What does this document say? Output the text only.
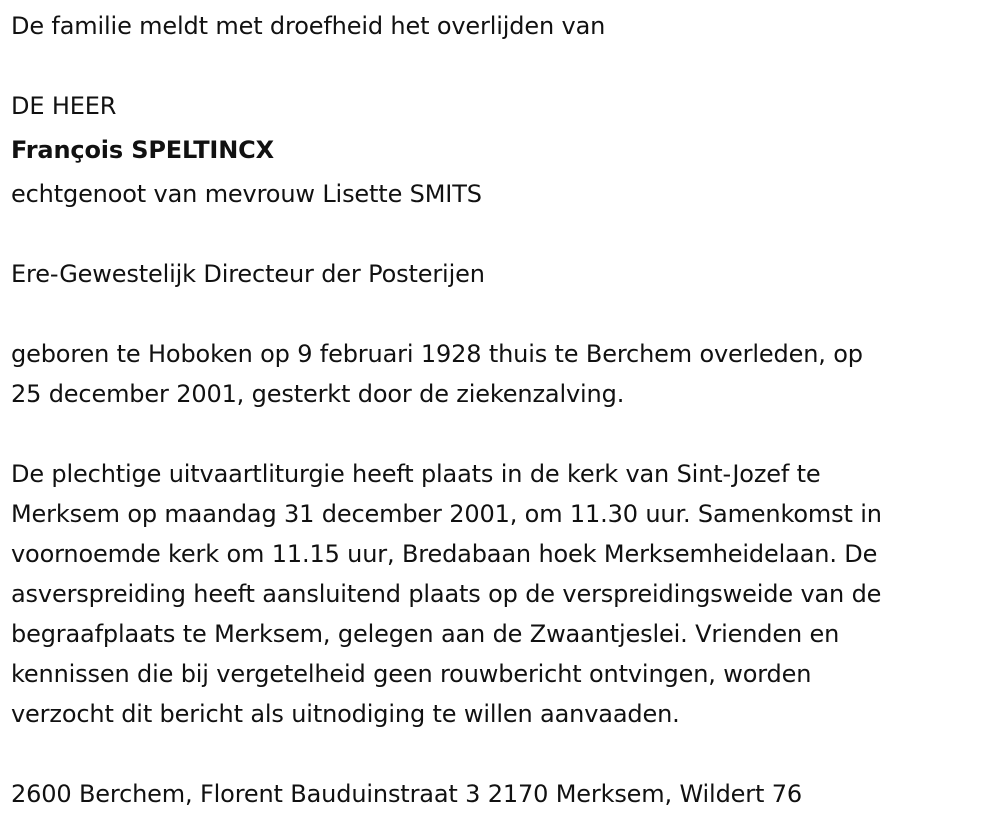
De familie meldt met droefheid het overlijden van
DE HEER
François SPELTINCX
echtgenoot van mevrouw Lisette SMITS
Ere-Gewestelijk Directeur der Posterijen
geboren te Hoboken op 9 februari 1928 thuis te Berchem overleden, op
25 december 2001, gesterkt door de ziekenzalving.
De plechtige uitvaartliturgie heeft plaats in de kerk van Sint-Jozef te
Merksem op maandag 31 december 2001, om 11.30 uur. Samenkomst in
voornoemde kerk om 11.15 uur, Bredabaan hoek Merksemheidelaan. De
asverspreiding heeft aansluitend plaats op de verspreidingsweide van de
begraafplaats te Merksem, gelegen aan de Zwaantjeslei. Vrienden en
kennissen die bij vergetelheid geen rouwbericht ontvingen, worden
verzocht dit bericht als uitnodiging te willen aanvaaden.
2600 Berchem, Florent Bauduinstraat 3 2170 Merksem, Wildert 76
